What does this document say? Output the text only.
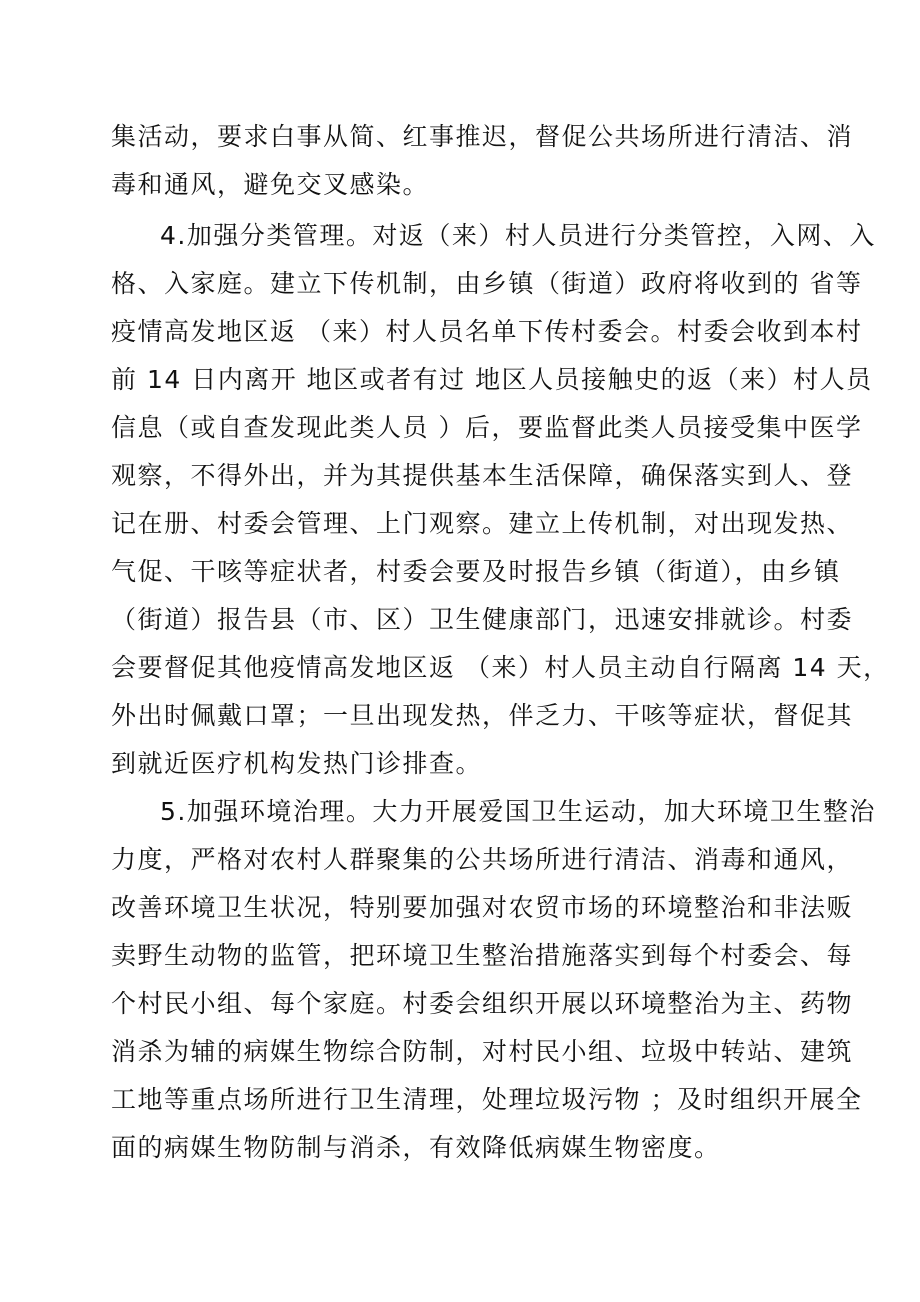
集活动，要求白事从简、红事推迟，督促公共场所进行清洁、消
毒和通风，避免交叉感染。
4.加强分类管理。对返（来）村人员进行分类管控，入网、入
格、入家庭。建立下传机制，由乡镇（街道）政府将收到的 省等
疫情高发地区返 （来）村人员名单下传村委会。村委会收到本村
前 14 日内离开 地区或者有过 地区人员接触史的返（来）村人员
信息（或自查发现此类人员 ）后，要监督此类人员接受集中医学
观察，不得外出，并为其提供基本生活保障，确保落实到人、登
记在册、村委会管理、上门观察。建立上传机制，对出现发热、
气促、干咳等症状者，村委会要及时报告乡镇（街道），由乡镇
（街道）报告县（市、区）卫生健康部门，迅速安排就诊。村委
会要督促其他疫情高发地区返 （来）村人员主动自行隔离 14 天，
外出时佩戴口罩；一旦出现发热，伴乏力、干咳等症状，督促其
到就近医疗机构发热门诊排查。
5.加强环境治理。大力开展爱国卫生运动，加大环境卫生整治
力度，严格对农村人群聚集的公共场所进行清洁、消毒和通风，
改善环境卫生状况，特别要加强对农贸市场的环境整治和非法贩
卖野生动物的监管，把环境卫生整治措施落实到每个村委会、每
个村民小组、每个家庭。村委会组织开展以环境整治为主、药物
消杀为辅的病媒生物综合防制，对村民小组、垃圾中转站、建筑
工地等重点场所进行卫生清理，处理垃圾污物 ；及时组织开展全
面的病媒生物防制与消杀，有效降低病媒生物密度。
